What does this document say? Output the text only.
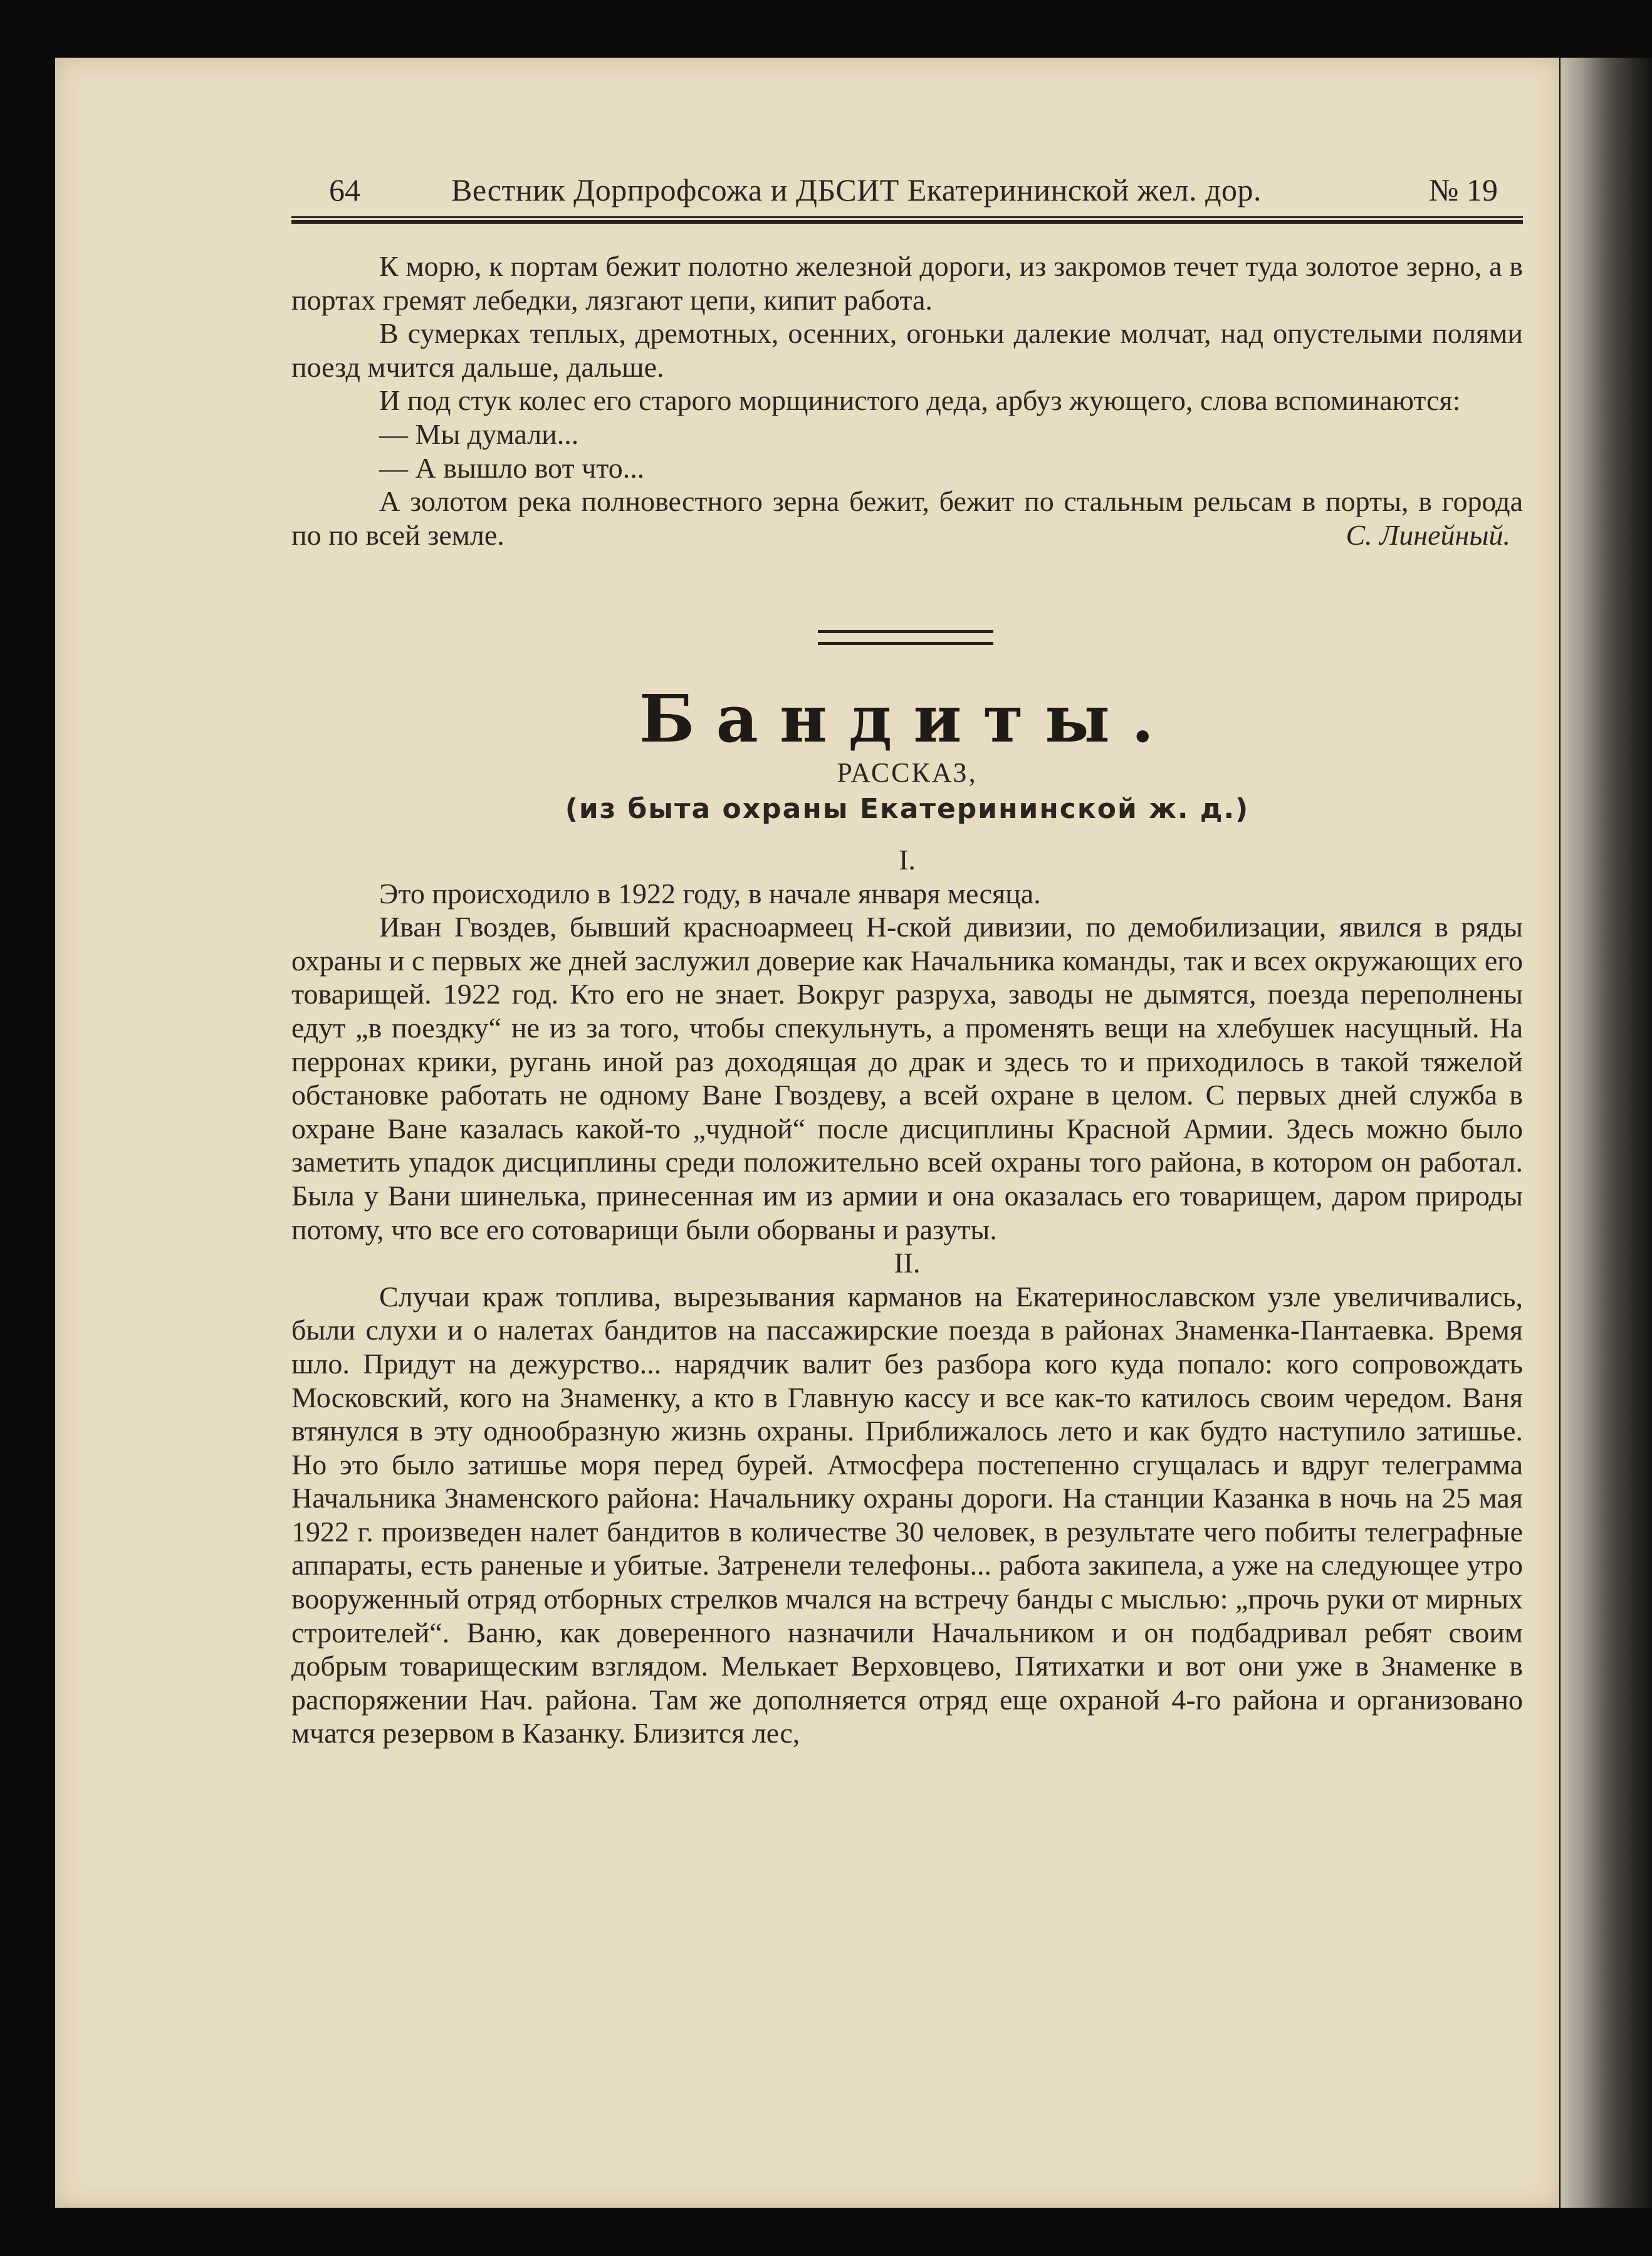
64	Вестник Дорпрофсожа и ДБСИТ Екатерининской жел. дор.	№ 19

К морю, к портам бежит полотно железной дороги, из закромов течет туда золотое зерно, а в портах гремят лебедки, лязгают цепи, кипит работа.

В сумерках теплых, дремотных, осенних, огоньки далекие молчат, над опустелыми полями поезд мчится дальше, дальше.

И под стук колес его старого морщинистого деда, арбуз жующего, слова вспоминаются:

— Мы думали...

— А вышло вот что...

А золотом река полновестного зерна бежит, бежит по стальным рельсам в порты, в города по по всей земле.	С. Линейный.

Бандиты.
РАССКАЗ,
(из быта охраны Екатерининской ж. д.)

I.

Это происходило в 1922 году, в начале января месяца.

Иван Гвоздев, бывший красноармеец Н-ской дивизии, по демобилизации, явился в ряды охраны и с первых же дней заслужил доверие как Начальника команды, так и всех окружающих его товарищей. 1922 год. Кто его не знает. Вокруг разруха, заводы не дымятся, поезда переполнены едут „в поездку“ не из за того, чтобы спекульнуть, а променять вещи на хлебушек насущный. На перронах крики, ругань иной раз доходящая до драк и здесь то и приходилось в такой тяжелой обстановке работать не одному Ване Гвоздеву, а всей охране в целом. С первых дней служба в охране Ване казалась какой-то „чудной“ после дисциплины Красной Армии. Здесь можно было заметить упадок дисциплины среди положительно всей охраны того района, в котором он работал. Была у Вани шинелька, принесенная им из армии и она оказалась его товарищем, даром природы потому, что все его сотоварищи были оборваны и разуты.

II.

Случаи краж топлива, вырезывания карманов на Екатеринославском узле увеличивались, были слухи и о налетах бандитов на пассажирские поезда в районах Знаменка-Пантаевка. Время шло. Придут на дежурство... нарядчик валит без разбора кого куда попало: кого сопровождать Московский, кого на Знаменку, а кто в Главную кассу и все как-то катилось своим чередом. Ваня втянулся в эту однообразную жизнь охраны. Приближалось лето и как будто наступило затишье. Но это было затишье моря перед бурей. Атмосфера постепенно сгущалась и вдруг телеграмма Начальника Знаменского района: Начальнику охраны дороги. На станции Казанка в ночь на 25 мая 1922 г. произведен налет бандитов в количестве 30 человек, в результате чего побиты телеграфные аппараты, есть раненые и убитые. Затренели телефоны... работа закипела, а уже на следующее утро вооруженный отряд отборных стрелков мчался на встречу банды с мыслью: „прочь руки от мирных строителей“. Ваню, как доверенного назначили Начальником и он подбадривал ребят своим добрым товарищеским взглядом. Мелькает Верховцево, Пятихатки и вот они уже в Знаменке в распоряжении Нач. района. Там же дополняется отряд еще охраной 4-го района и организовано мчатся резервом в Казанку. Близится лес,
